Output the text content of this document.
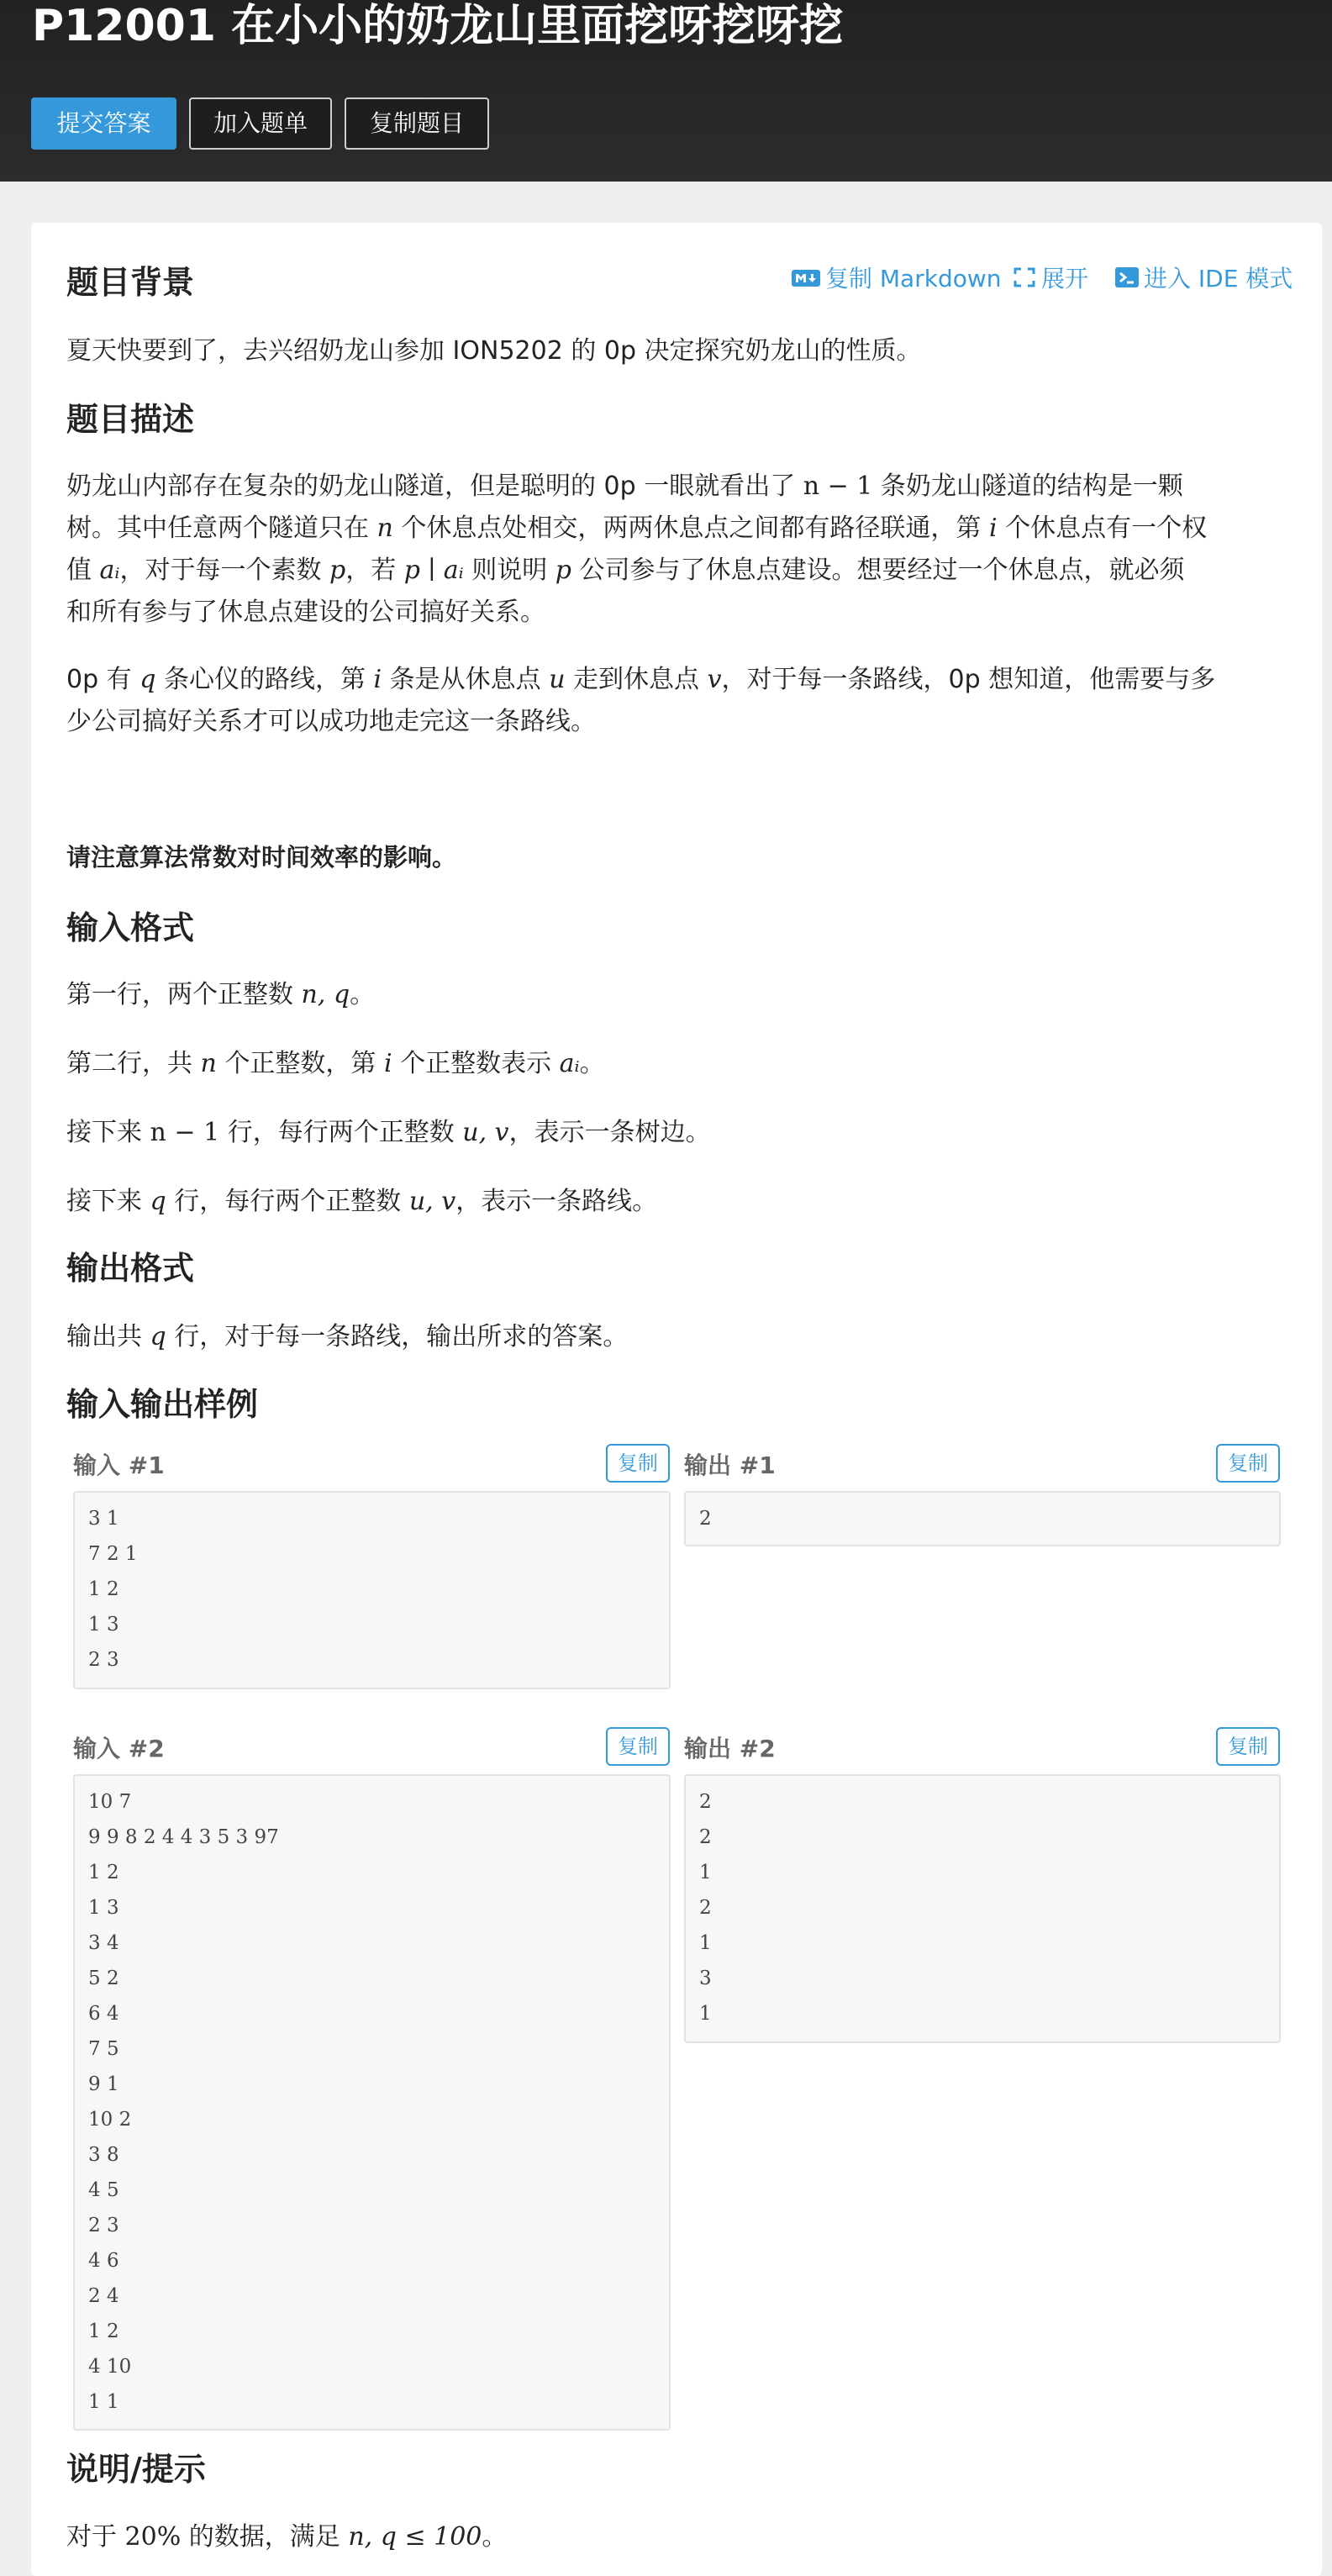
P12001 在小小的奶龙山里面挖呀挖呀挖
提交答案	加入题单	复制题目
复制 Markdown	展开	进入 IDE 模式
题目背景

夏天快要到了，去兴绍奶龙山参加 ION5202 的 0p 决定探究奶龙山的性质。

题目描述

奶龙山内部存在复杂的奶龙山隧道，但是聪明的 0p 一眼就看出了 n − 1 条奶龙山隧道的结构是一颗

树。其中任意两个隧道只在 n 个休息点处相交，两两休息点之间都有路径联通，第 i 个休息点有一个权

值 aᵢ，对于每一个素数 p，若 p ∣ aᵢ 则说明 p 公司参与了休息点建设。想要经过一个休息点，就必须

和所有参与了休息点建设的公司搞好关系。

0p 有 q 条心仪的路线，第 i 条是从休息点 u 走到休息点 v，对于每一条路线，0p 想知道，他需要与多

少公司搞好关系才可以成功地走完这一条路线。

请注意算法常数对时间效率的影响。

输入格式

第一行，两个正整数 n, q。

第二行，共 n 个正整数，第 i 个正整数表示 aᵢ。

接下来 n − 1 行，每行两个正整数 u, v，表示一条树边。

接下来 q 行，每行两个正整数 u, v，表示一条路线。

输出格式

输出共 q 行，对于每一条路线，输出所求的答案。

输入输出样例
输入 #1	复制
3 1
7 2 1
1 2
1 3
2 3
输出 #1	复制
2
输入 #2	复制
10 7
9 9 8 2 4 4 3 5 3 97
1 2
1 3
3 4
5 2
6 4
7 5
9 1
10 2
3 8
4 5
2 3
4 6
2 4
1 2
4 10
1 1
输出 #2	复制
2
2
1
2
1
3
1
说明/提示

对于 20% 的数据，满足 n, q ≤ 100。
